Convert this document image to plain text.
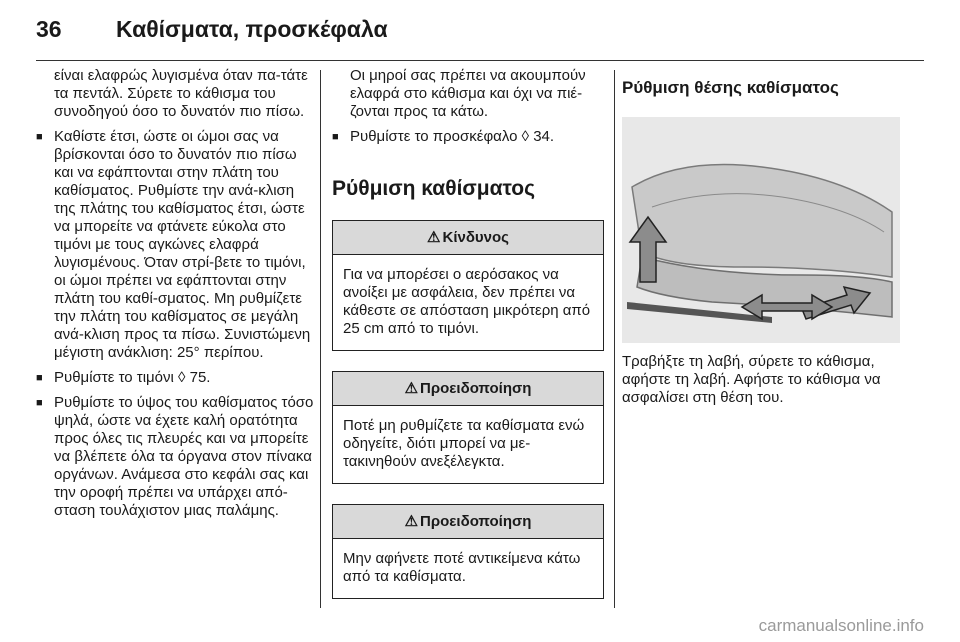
36 Καθίσματα, προσκέφαλα

είναι ελαφρώς λυγισμένα όταν πα-τάτε τα πεντάλ. Σύρετε το κάθισμα του συνοδηγού όσο το δυνατόν πιο πίσω.

■ Καθίστε έτσι, ώστε οι ώμοι σας να βρίσκονται όσο το δυνατόν πιο πίσω και να εφάπτονται στην πλάτη του καθίσματος. Ρυθμίστε την ανά-κλιση της πλάτης του καθίσματος έτσι, ώστε να μπορείτε να φτάνετε εύκολα στο τιμόνι με τους αγκώνες ελαφρά λυγισμένους. Όταν στρί-βετε το τιμόνι, οι ώμοι πρέπει να εφάπτονται στην πλάτη του καθί-σματος. Μη ρυθμίζετε την πλάτη του καθίσματος σε μεγάλη ανά-κλιση προς τα πίσω. Συνιστώμενη μέγιστη ανάκλιση: 25° περίπου.

■ Ρυθμίστε το τιμόνι ◊ 75.

■ Ρυθμίστε το ύψος του καθίσματος τόσο ψηλά, ώστε να έχετε καλή ορατότητα προς όλες τις πλευρές και να μπορείτε να βλέπετε όλα τα όργανα στον πίνακα οργάνων. Ανάμεσα στο κεφάλι σας και την οροφή πρέπει να υπάρχει από-σταση τουλάχιστον μιας παλάμης.

Οι μηροί σας πρέπει να ακουμπούν ελαφρά στο κάθισμα και όχι να πιέ-ζονται προς τα κάτω.

■ Ρυθμίστε το προσκέφαλο ◊ 34.

Ρύθμιση καθίσματος
⚠ Κίνδυνος
Για να μπορέσει ο αερόσακος να ανοίξει με ασφάλεια, δεν πρέπει να κάθεστε σε απόσταση μικρότερη από 25 cm από το τιμόνι.
⚠ Προειδοποίηση
Ποτέ μη ρυθμίζετε τα καθίσματα ενώ οδηγείτε, διότι μπορεί να με-τακινηθούν ανεξέλεγκτα.
⚠ Προειδοποίηση
Μην αφήνετε ποτέ αντικείμενα κάτω από τα καθίσματα.
Ρύθμιση θέσης καθίσματος

Τραβήξτε τη λαβή, σύρετε το κάθισμα, αφήστε τη λαβή. Αφήστε το κάθισμα να ασφαλίσει στη θέση του.

carmanualsonline.info
